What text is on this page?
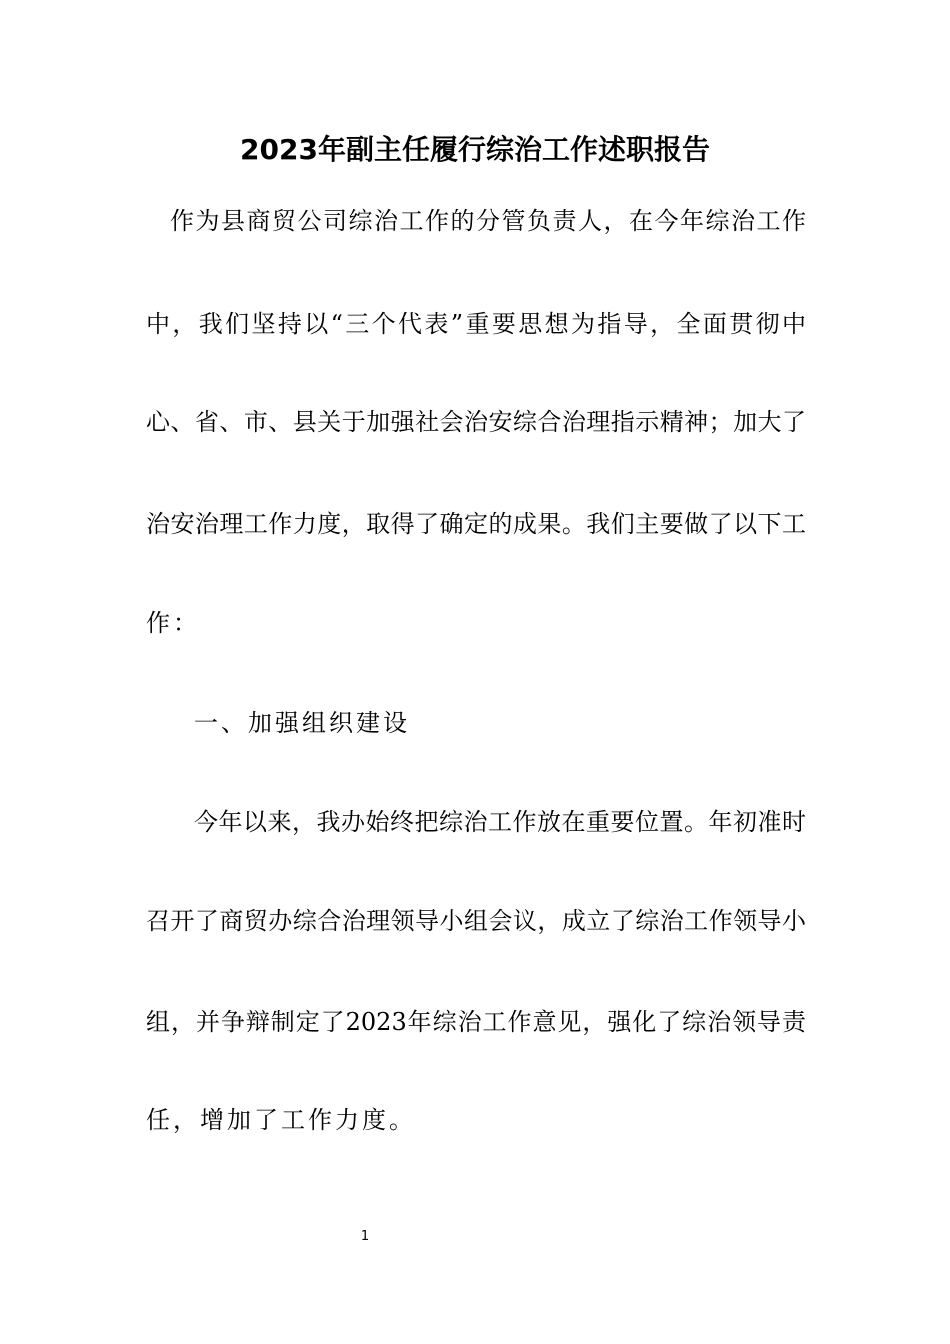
2023年副主任履行综治工作述职报告
作为县商贸公司综治工作的分管负责人，在今年综治工作
中，我们坚持以“三个代表”重要思想为指导，全面贯彻中
心、省、市、县关于加强社会治安综合治理指示精神；加大了
治安治理工作力度，取得了确定的成果。我们主要做了以下工
作：
一、加强组织建设
今年以来，我办始终把综治工作放在重要位置。年初准时
召开了商贸办综合治理领导小组会议，成立了综治工作领导小
组，并争辩制定了2023年综治工作意见，强化了综治领导责
任，增加了工作力度。
1
